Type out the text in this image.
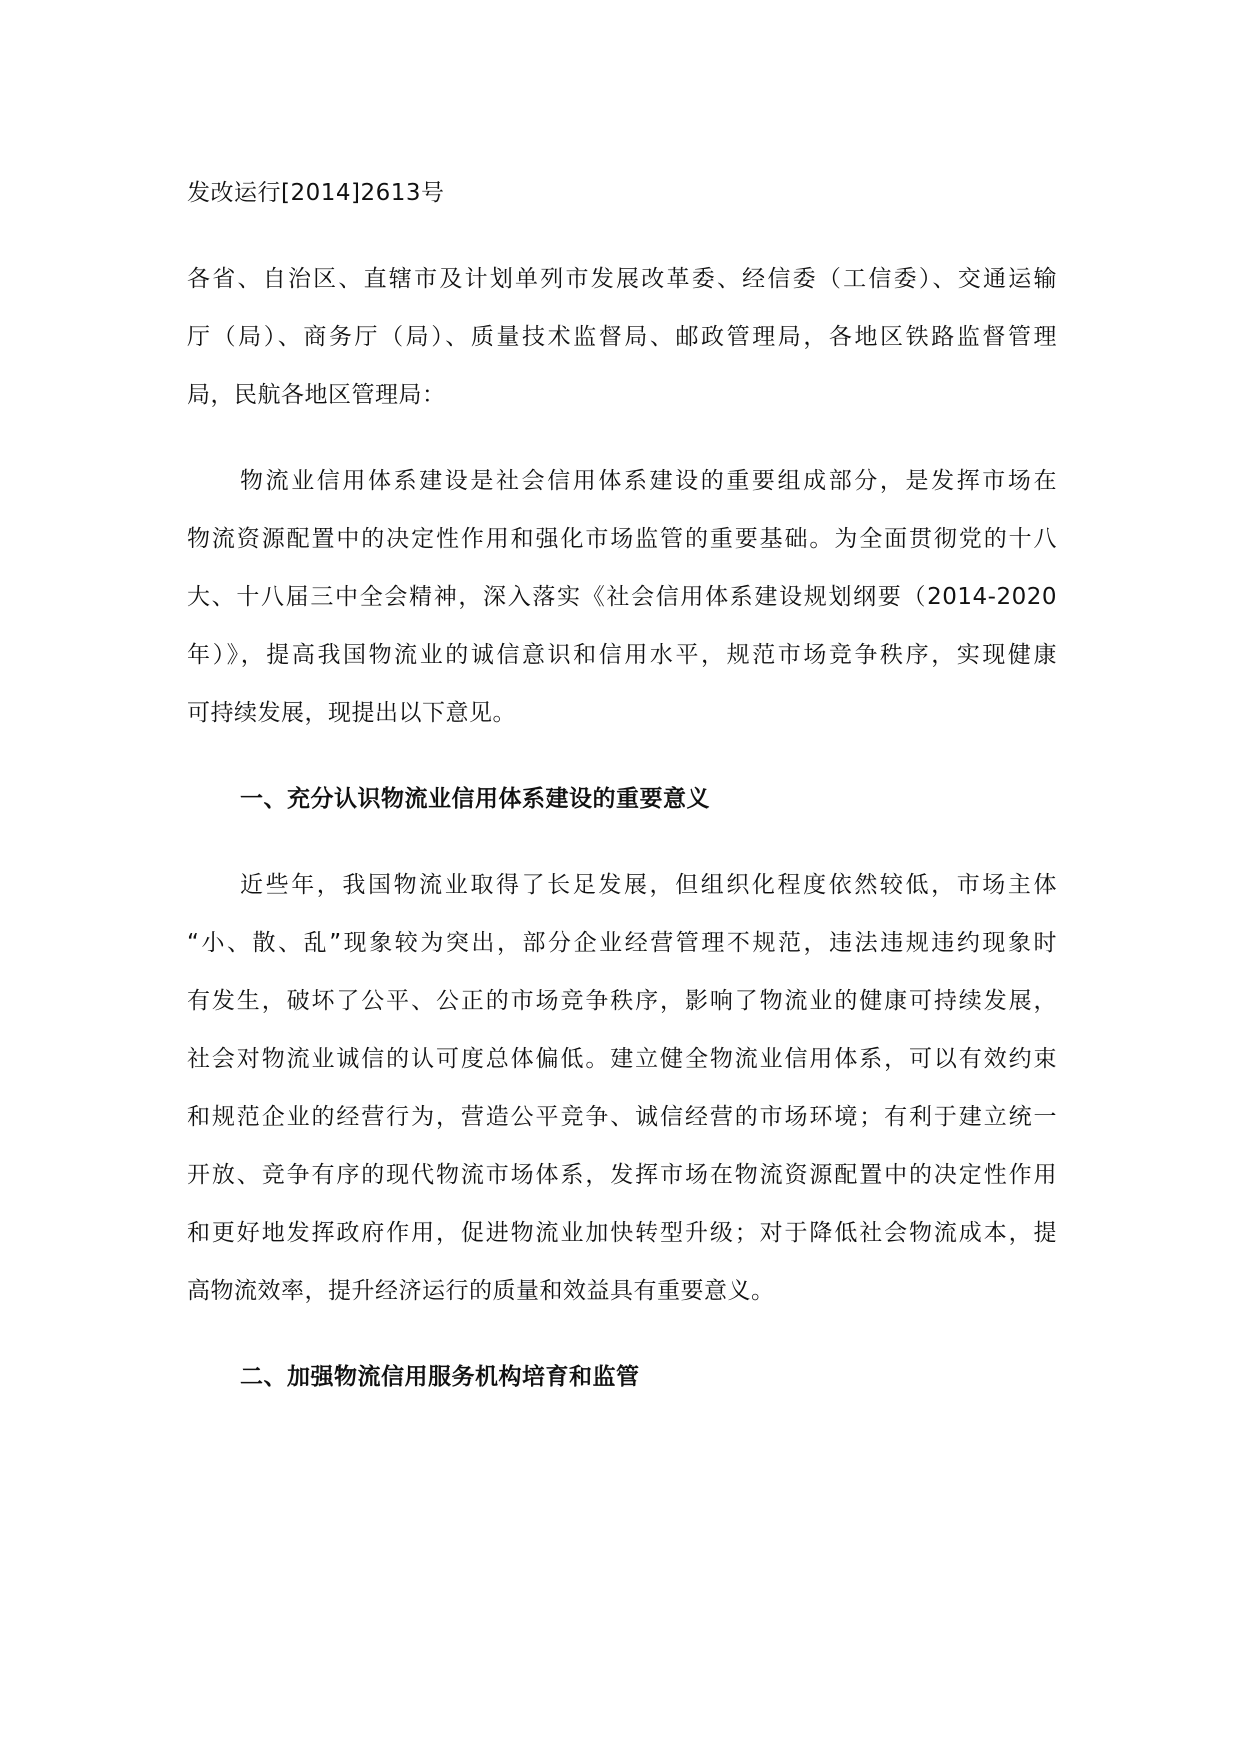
发改运行[2014]2613号
各省、自治区、直辖市及计划单列市发展改革委、经信委（工信委）、交通运输
厅（局）、商务厅（局）、质量技术监督局、邮政管理局，各地区铁路监督管理
局，民航各地区管理局：
物流业信用体系建设是社会信用体系建设的重要组成部分，是发挥市场在
物流资源配置中的决定性作用和强化市场监管的重要基础。为全面贯彻党的十八
大、十八届三中全会精神，深入落实《社会信用体系建设规划纲要（2014-2020
年）》，提高我国物流业的诚信意识和信用水平，规范市场竞争秩序，实现健康
可持续发展，现提出以下意见。
一、充分认识物流业信用体系建设的重要意义
近些年，我国物流业取得了长足发展，但组织化程度依然较低，市场主体
“小、散、乱”现象较为突出，部分企业经营管理不规范，违法违规违约现象时
有发生，破坏了公平、公正的市场竞争秩序，影响了物流业的健康可持续发展，
社会对物流业诚信的认可度总体偏低。建立健全物流业信用体系，可以有效约束
和规范企业的经营行为，营造公平竞争、诚信经营的市场环境；有利于建立统一
开放、竞争有序的现代物流市场体系，发挥市场在物流资源配置中的决定性作用
和更好地发挥政府作用，促进物流业加快转型升级；对于降低社会物流成本，提
高物流效率，提升经济运行的质量和效益具有重要意义。
二、加强物流信用服务机构培育和监管
